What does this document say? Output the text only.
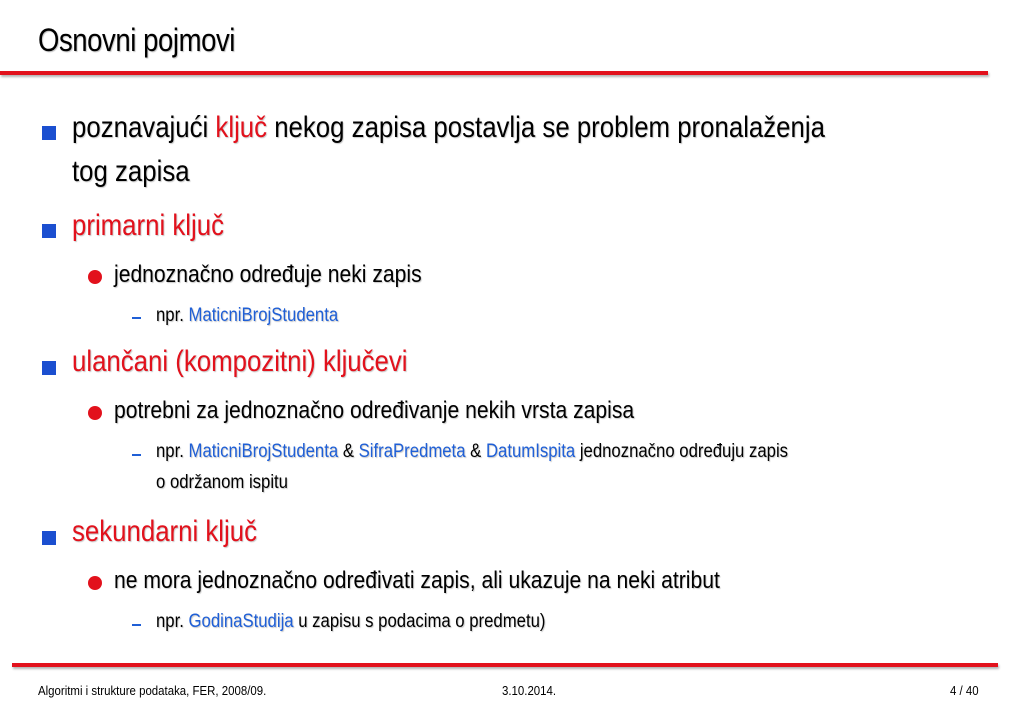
Osnovni pojmovi
poznavajući ključ nekog zapisa postavlja se problem pronalaženja
tog zapisa
primarni ključ
jednoznačno određuje neki zapis
npr. MaticniBrojStudenta
ulančani (kompozitni) ključevi
potrebni za jednoznačno određivanje nekih vrsta zapisa
npr. MaticniBrojStudenta & SifraPredmeta & DatumIspita jednoznačno određuju zapis
o održanom ispitu
sekundarni ključ
ne mora jednoznačno određivati zapis, ali ukazuje na neki atribut
npr. GodinaStudija u zapisu s podacima o predmetu)
Algoritmi i strukture podataka, FER, 2008/09.	3.10.2014.	4 / 40
